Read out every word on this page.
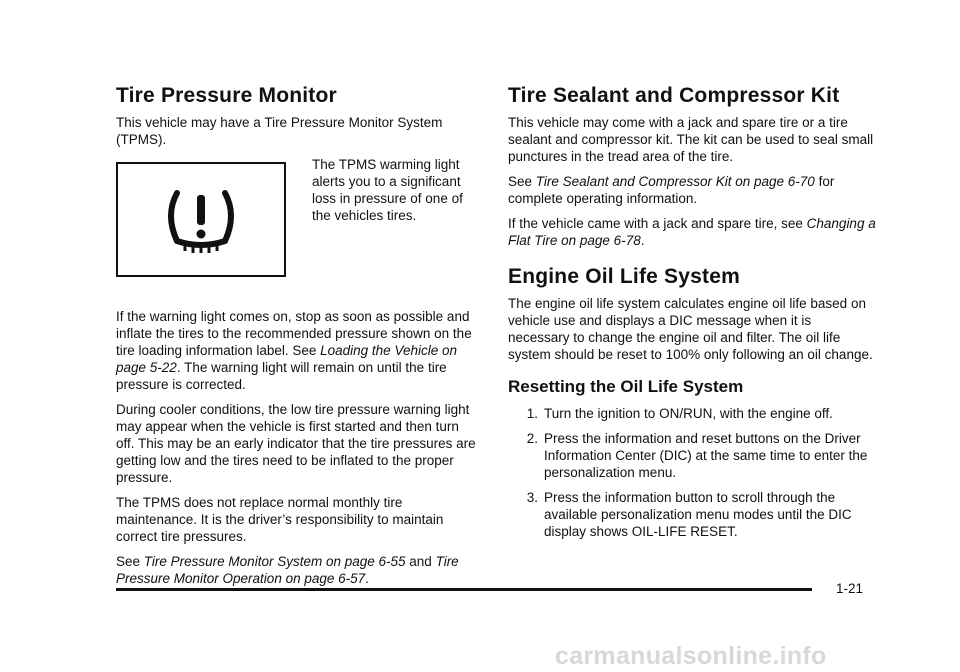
Tire Pressure Monitor

This vehicle may have a Tire Pressure Monitor System (TPMS).

The TPMS warming light alerts you to a significant loss in pressure of one of the vehicles tires.

If the warning light comes on, stop as soon as possible and inflate the tires to the recommended pressure shown on the tire loading information label. See Loading the Vehicle on page 5‑22. The warning light will remain on until the tire pressure is corrected.

During cooler conditions, the low tire pressure warning light may appear when the vehicle is first started and then turn off. This may be an early indicator that the tire pressures are getting low and the tires need to be inflated to the proper pressure.

The TPMS does not replace normal monthly tire maintenance. It is the driver’s responsibility to maintain correct tire pressures.

See Tire Pressure Monitor System on page 6‑55 and Tire Pressure Monitor Operation on page 6‑57.

Tire Sealant and Compressor Kit

This vehicle may come with a jack and spare tire or a tire sealant and compressor kit. The kit can be used to seal small punctures in the tread area of the tire.

See Tire Sealant and Compressor Kit on page 6‑70 for complete operating information.

If the vehicle came with a jack and spare tire, see Changing a Flat Tire on page 6‑78.

Engine Oil Life System

The engine oil life system calculates engine oil life based on vehicle use and displays a DIC message when it is necessary to change the engine oil and filter. The oil life system should be reset to 100% only following an oil change.

Resetting the Oil Life System
1. Turn the ignition to ON/RUN, with the engine off.
2. Press the information and reset buttons on the Driver Information Center (DIC) at the same time to enter the personalization menu.
3. Press the information button to scroll through the available personalization menu modes until the DIC display shows OIL‑LIFE RESET.
1-21
carmanualsonline.info
